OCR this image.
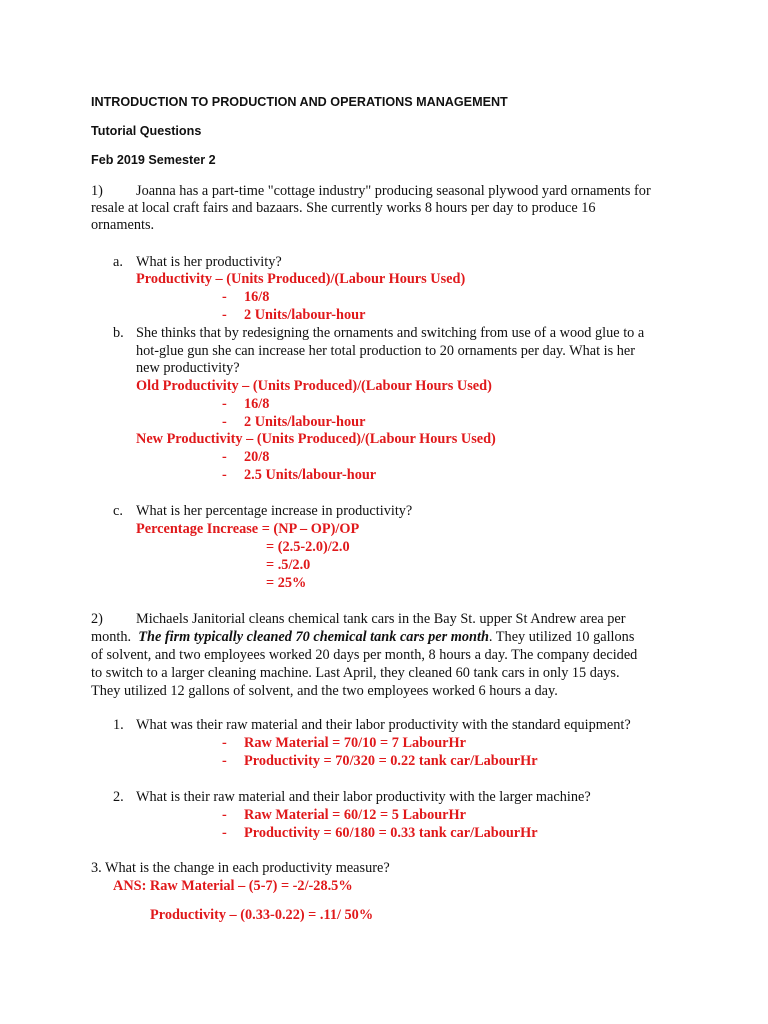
INTRODUCTION TO PRODUCTION AND OPERATIONS MANAGEMENT
Tutorial Questions
Feb 2019 Semester 2
1) Joanna has a part-time "cottage industry" producing seasonal plywood yard ornaments for
resale at local craft fairs and bazaars. She currently works 8 hours per day to produce 16
ornaments.
a. What is her productivity?
Productivity – (Units Produced)/(Labour Hours Used)
- 16/8
- 2 Units/labour-hour
b. She thinks that by redesigning the ornaments and switching from use of a wood glue to a
hot-glue gun she can increase her total production to 20 ornaments per day. What is her
new productivity?
Old Productivity – (Units Produced)/(Labour Hours Used)
- 16/8
- 2 Units/labour-hour
New Productivity – (Units Produced)/(Labour Hours Used)
- 20/8
- 2.5 Units/labour-hour
c. What is her percentage increase in productivity?
Percentage Increase = (NP – OP)/OP
= (2.5-2.0)/2.0
= .5/2.0
= 25%
2) Michaels Janitorial cleans chemical tank cars in the Bay St. upper St Andrew area per
month. The firm typically cleaned 70 chemical tank cars per month. They utilized 10 gallons
of solvent, and two employees worked 20 days per month, 8 hours a day. The company decided
to switch to a larger cleaning machine. Last April, they cleaned 60 tank cars in only 15 days.
They utilized 12 gallons of solvent, and the two employees worked 6 hours a day.
1. What was their raw material and their labor productivity with the standard equipment?
- Raw Material = 70/10 = 7 LabourHr
- Productivity = 70/320 = 0.22 tank car/LabourHr
2. What is their raw material and their labor productivity with the larger machine?
- Raw Material = 60/12 = 5 LabourHr
- Productivity = 60/180 = 0.33 tank car/LabourHr
3. What is the change in each productivity measure?
ANS: Raw Material – (5-7) = -2/-28.5%
Productivity – (0.33-0.22) = .11/ 50%
